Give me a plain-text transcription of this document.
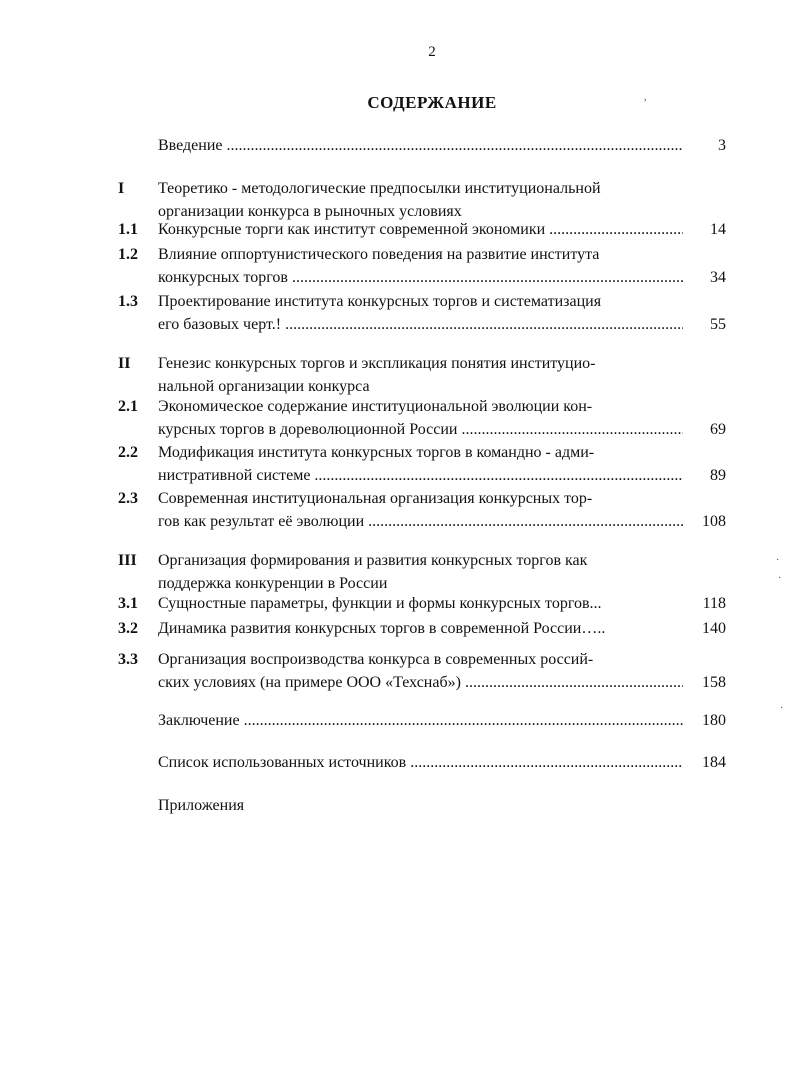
2
СОДЕРЖАНИЕ
Введение .....	3
I	Теоретико - методологические предпосылки институциональной
организации конкурса в рыночных условиях
1.1	Конкурсные торги как институт современной экономики .....	14
1.2	Влияние оппортунистического поведения на развитие института
конкурсных торгов .....	34
1.3	Проектирование института конкурсных торгов и систематизация
его базовых черт.! .....	55
II	Генезис конкурсных торгов и экспликация понятия институцио-
нальной организации конкурса
2.1	Экономическое содержание институциональной эволюции кон-
курсных торгов в дореволюционной России .....	69
2.2	Модификация института конкурсных торгов в командно - адми-
нистративной системе .....	89
2.3	Современная институциональная организация конкурсных тор-
гов как результат её эволюции .....	108
III	Организация формирования и развития конкурсных торгов как
поддержка конкуренции в России
3.1	Сущностные параметры, функции и формы конкурсных торгов...	118
3.2	Динамика развития конкурсных торгов в современной России…..	140
3.3	Организация воспроизводства конкурса в современных россий-
ских условиях (на примере ООО «Техснаб») .....	158
Заключение .....	180
Список использованных источников .....	184
Приложения
,
·
·
·
